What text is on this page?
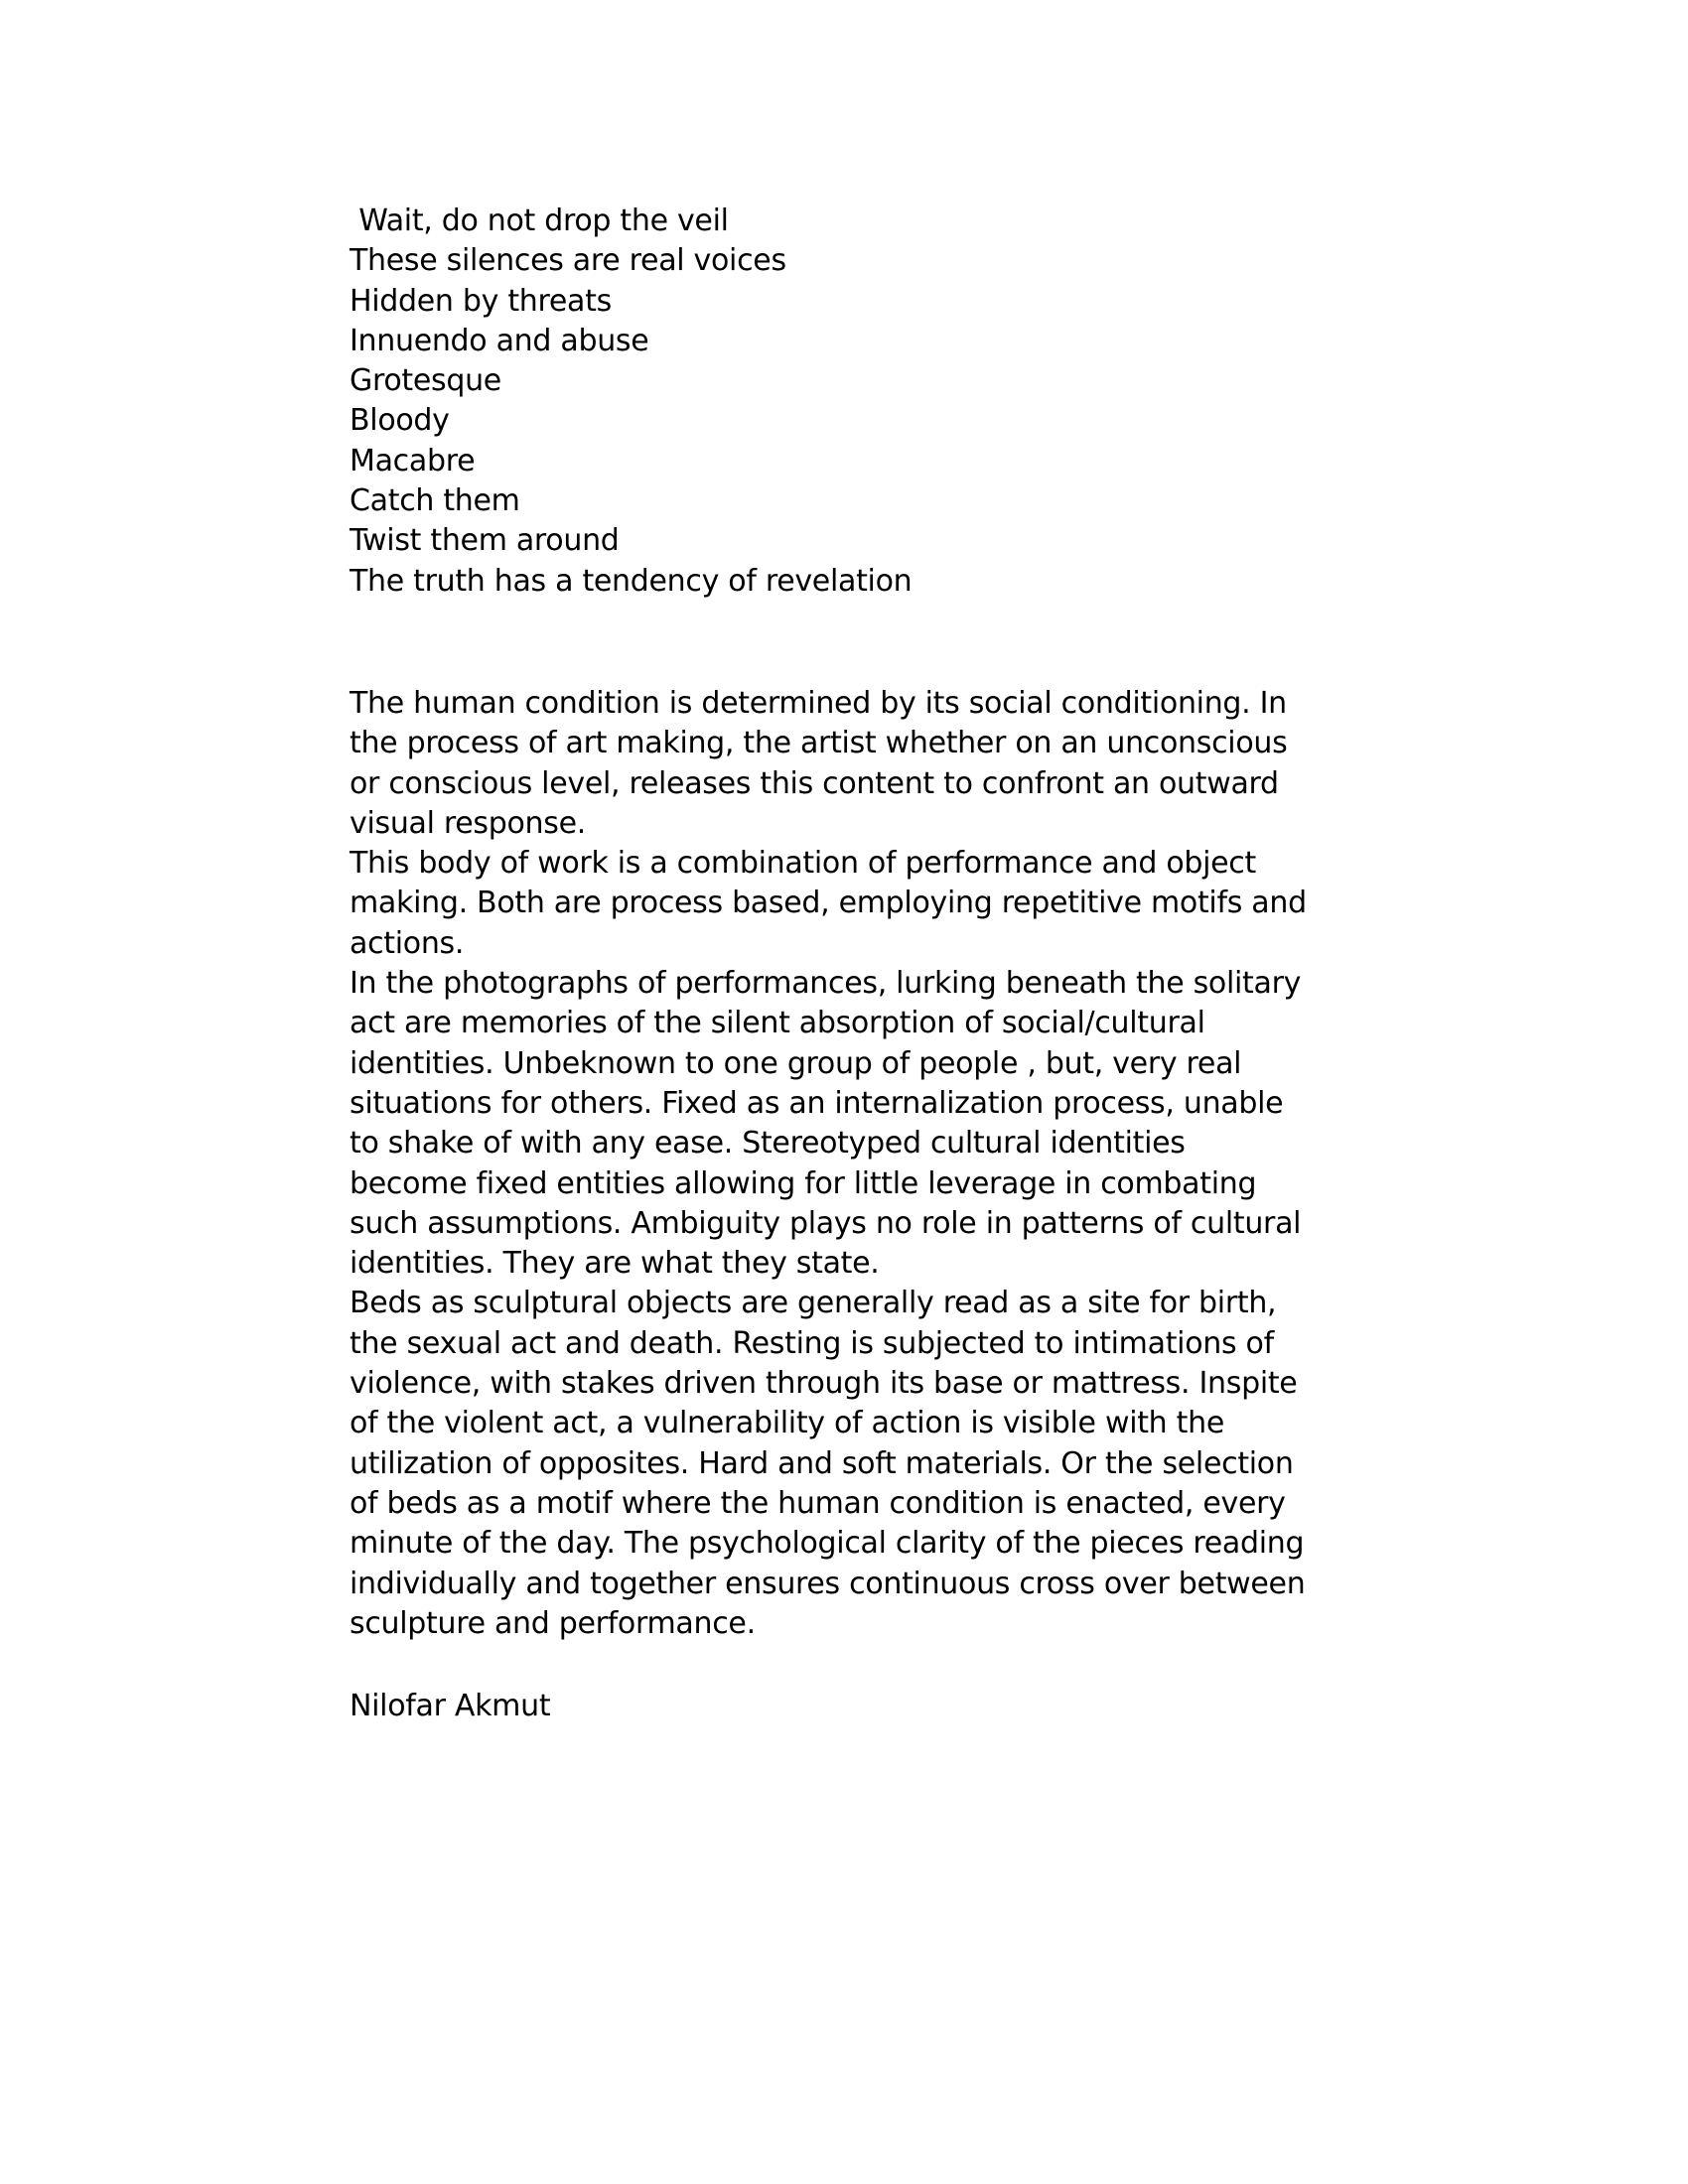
Wait, do not drop the veil
These silences are real voices
Hidden by threats
Innuendo and abuse
Grotesque
Bloody
Macabre
Catch them
Twist them around
The truth has a tendency of revelation
The human condition is determined by its social conditioning. In
the process of art making, the artist whether on an unconscious
or conscious level, releases this content to confront an outward
visual response.
This body of work is a combination of performance and object
making. Both are process based, employing repetitive motifs and
actions.
In the photographs of performances, lurking beneath the solitary
act are memories of the silent absorption of social/cultural
identities. Unbeknown to one group of people , but, very real
situations for others. Fixed as an internalization process, unable
to shake of with any ease. Stereotyped cultural identities
become fixed entities allowing for little leverage in combating
such assumptions. Ambiguity plays no role in patterns of cultural
identities. They are what they state.
Beds as sculptural objects are generally read as a site for birth,
the sexual act and death. Resting is subjected to intimations of
violence, with stakes driven through its base or mattress. Inspite
of the violent act, a vulnerability of action is visible with the
utilization of opposites. Hard and soft materials. Or the selection
of beds as a motif where the human condition is enacted, every
minute of the day. The psychological clarity of the pieces reading
individually and together ensures continuous cross over between
sculpture and performance.
Nilofar Akmut
